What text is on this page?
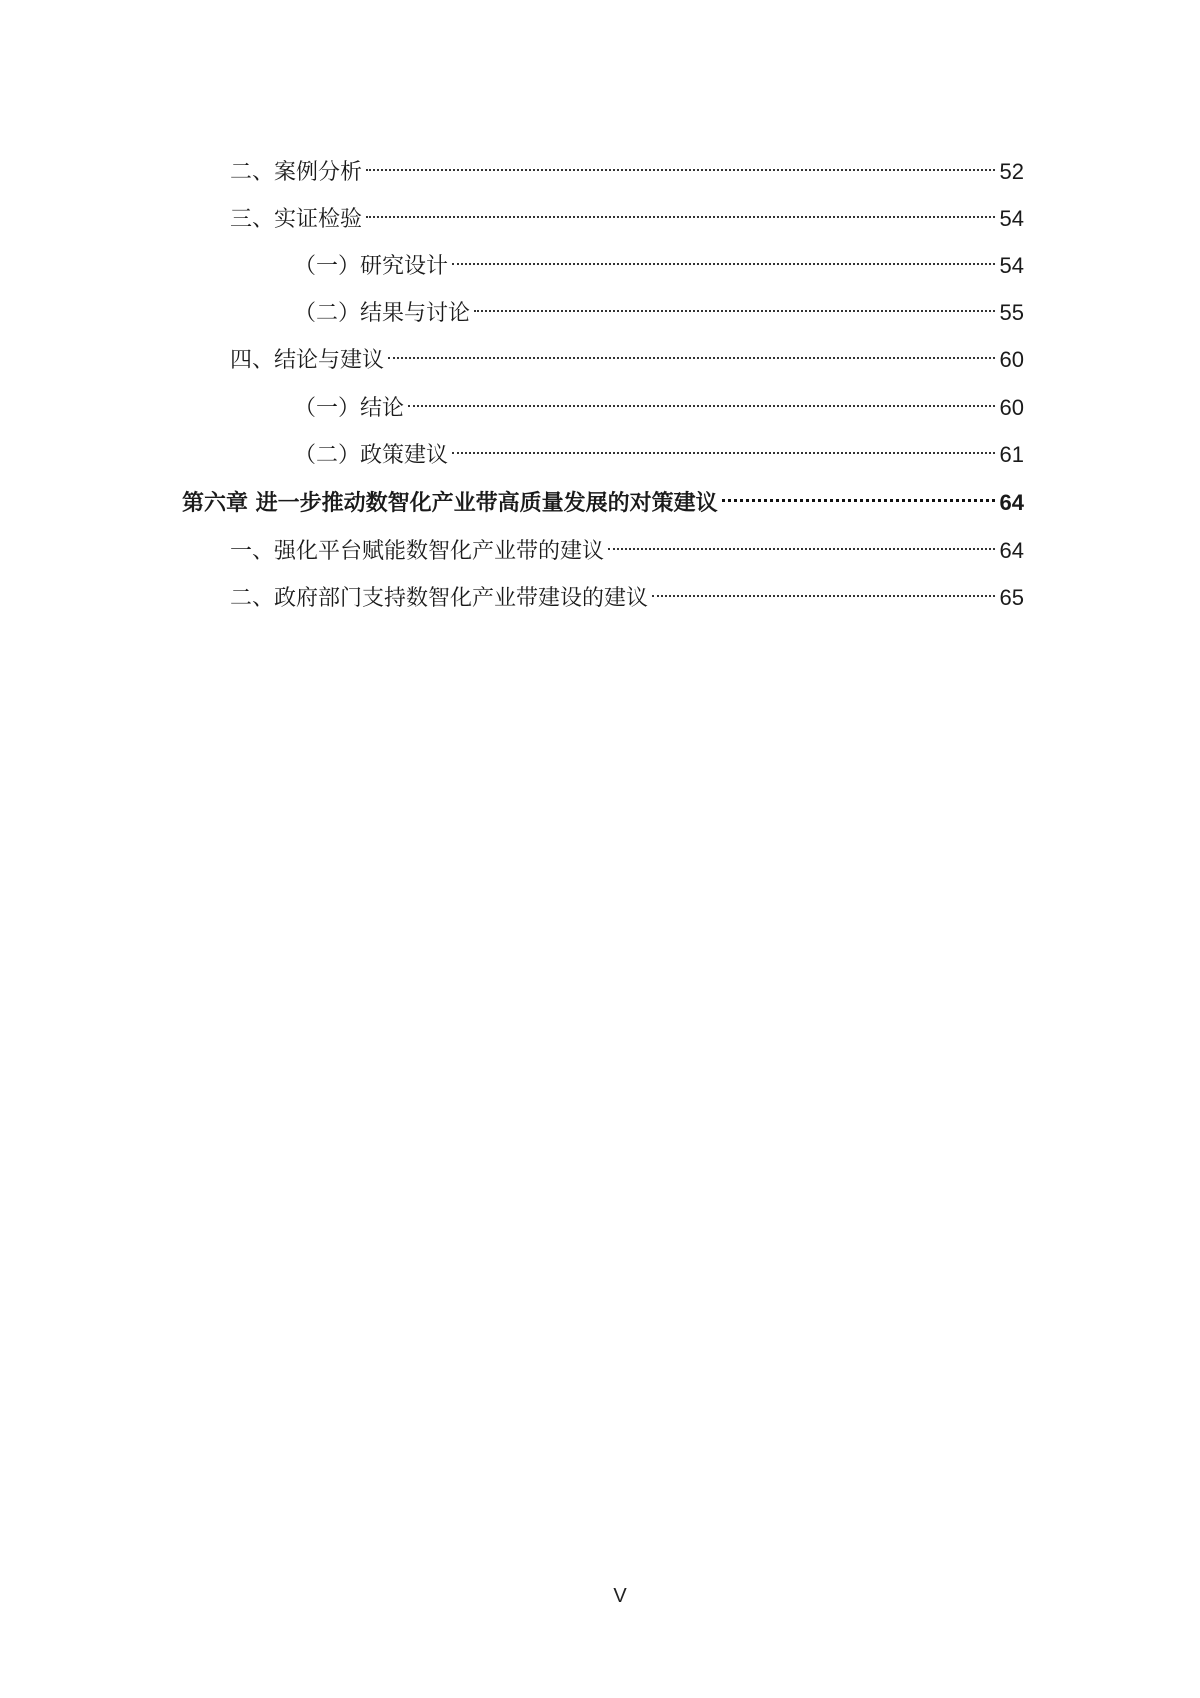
二、案例分析	52
三、实证检验	54
（一）研究设计	54
（二）结果与讨论	55
四、结论与建议	60
（一）结论	60
（二）政策建议	61
第六章 进一步推动数智化产业带高质量发展的对策建议	64
一、强化平台赋能数智化产业带的建议	64
二、政府部门支持数智化产业带建设的建议	65
V
